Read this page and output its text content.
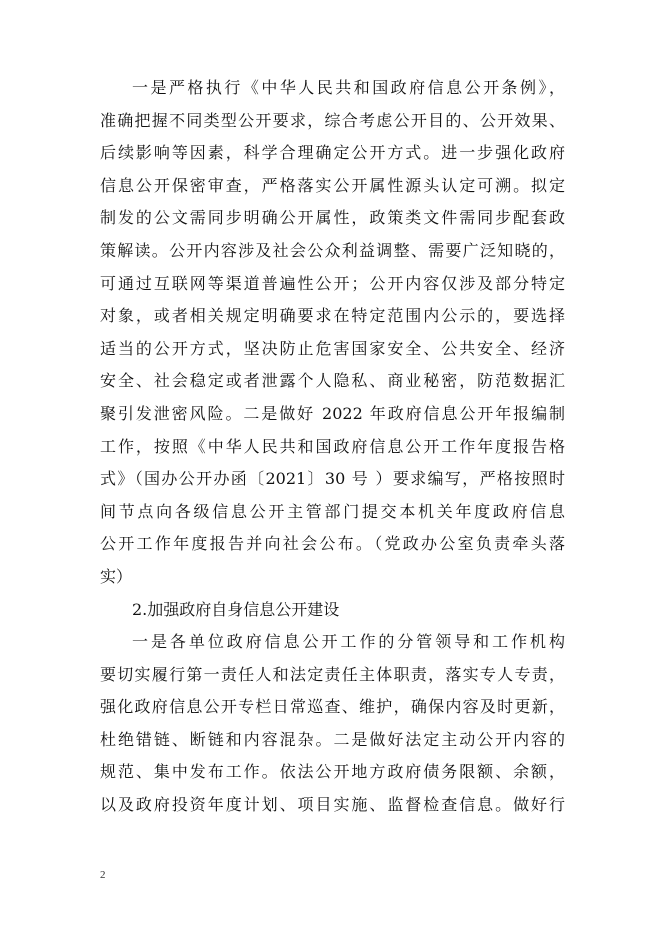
一是严格执行《中华人民共和国政府信息公开条例》，
准确把握不同类型公开要求，综合考虑公开目的、公开效果、
后续影响等因素，科学合理确定公开方式。进一步强化政府
信息公开保密审查，严格落实公开属性源头认定可溯。拟定
制发的公文需同步明确公开属性，政策类文件需同步配套政
策解读。公开内容涉及社会公众利益调整、需要广泛知晓的，
可通过互联网等渠道普遍性公开；公开内容仅涉及部分特定
对象，或者相关规定明确要求在特定范围内公示的，要选择
适当的公开方式，坚决防止危害国家安全、公共安全、经济
安全、社会稳定或者泄露个人隐私、商业秘密，防范数据汇
聚引发泄密风险。二是做好 2022 年政府信息公开年报编制
工作，按照《中华人民共和国政府信息公开工作年度报告格
式》（国办公开办函〔2021〕30 号 ）要求编写，严格按照时
间节点向各级信息公开主管部门提交本机关年度政府信息
公开工作年度报告并向社会公布。（党政办公室负责牵头落
实）
2.加强政府自身信息公开建设
一是各单位政府信息公开工作的分管领导和工作机构
要切实履行第一责任人和法定责任主体职责，落实专人专责，
强化政府信息公开专栏日常巡查、维护，确保内容及时更新，
杜绝错链、断链和内容混杂。二是做好法定主动公开内容的
规范、集中发布工作。依法公开地方政府债务限额、余额，
以及政府投资年度计划、项目实施、监督检查信息。做好行
2
